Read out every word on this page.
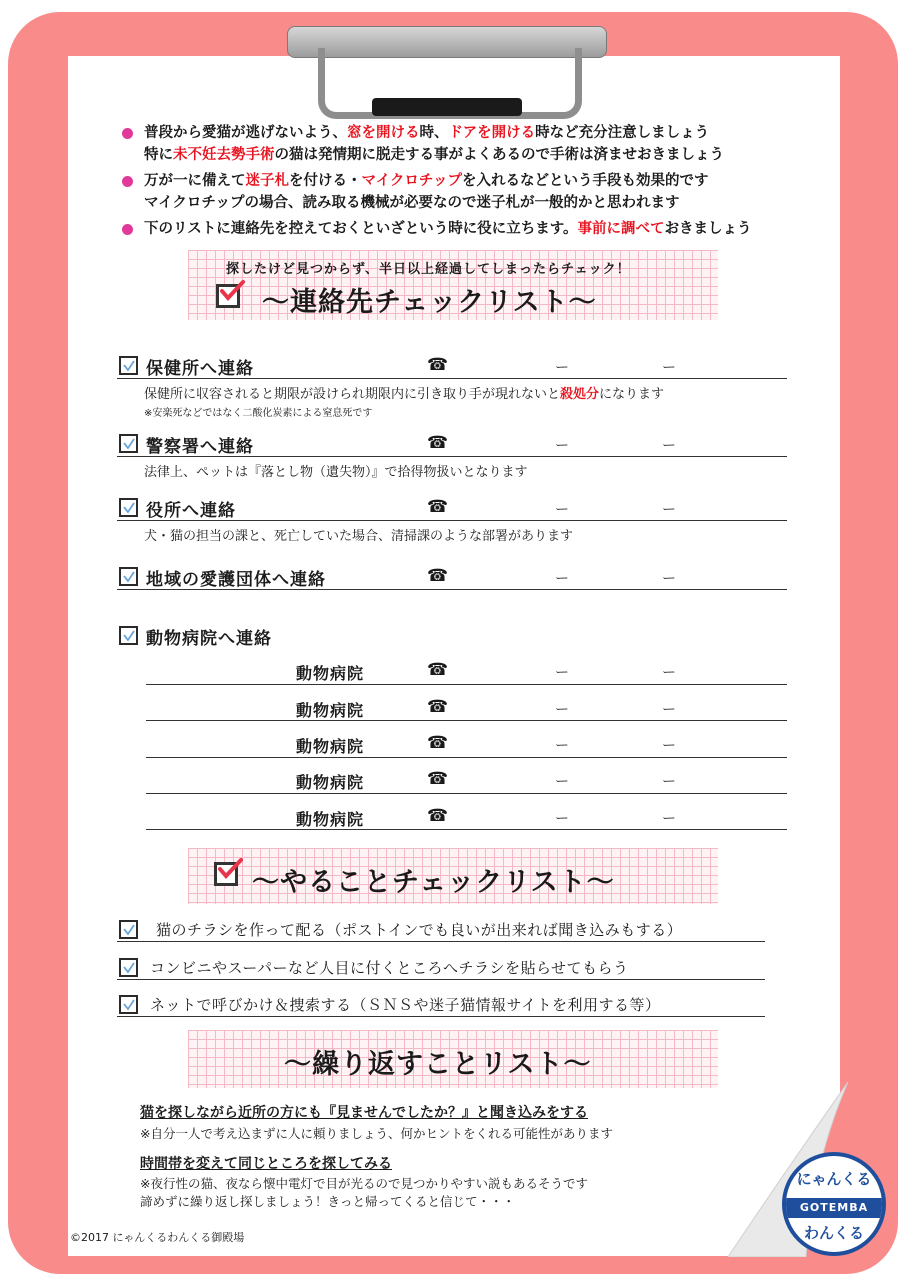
普段から愛猫が逃げないよう、窓を開ける時、ドアを開ける時など充分注意しましょう
特に未不妊去勢手術の猫は発情期に脱走する事がよくあるので手術は済ませおきましょう
万が一に備えて迷子札を付ける・マイクロチップを入れるなどという手段も効果的です
マイクロチップの場合、読み取る機械が必要なので迷子札が一般的かと思われます
下のリストに連絡先を控えておくといざという時に役に立ちます。事前に調べておきましょう
探したけど見つからず、半日以上経過してしまったらチェック！
～連絡先チェックリスト～
保健所へ連絡	☎	ー	ー
保健所に収容されると期限が設けられ期限内に引き取り手が現れないと殺処分になります
※安楽死などではなく二酸化炭素による窒息死です
警察署へ連絡	☎	ー	ー
法律上、ペットは『落とし物（遺失物）』で拾得物扱いとなります
役所へ連絡	☎	ー	ー
犬・猫の担当の課と、死亡していた場合、清掃課のような部署があります
地域の愛護団体へ連絡	☎	ー	ー
動物病院へ連絡
動物病院	☎	ー	ー
動物病院	☎	ー	ー
動物病院	☎	ー	ー
動物病院	☎	ー	ー
動物病院	☎	ー	ー
～やることチェックリスト～
猫のチラシを作って配る（ポストインでも良いが出来れば聞き込みもする）
コンビニやスーパーなど人目に付くところへチラシを貼らせてもらう
ネットで呼びかけ＆捜索する（ＳＮＳや迷子猫情報サイトを利用する等）
～繰り返すことリスト～
猫を探しながら近所の方にも『見ませんでしたか？』と聞き込みをする
※自分一人で考え込まずに人に頼りましょう、何かヒントをくれる可能性があります
時間帯を変えて同じところを探してみる
※夜行性の猫、夜なら懐中電灯で目が光るので見つかりやすい説もあるそうです
諦めずに繰り返し探しましょう！きっと帰ってくると信じて・・・
©2017 にゃんくるわんくる御殿場
にゃんくる
GOTEMBA
わんくる
